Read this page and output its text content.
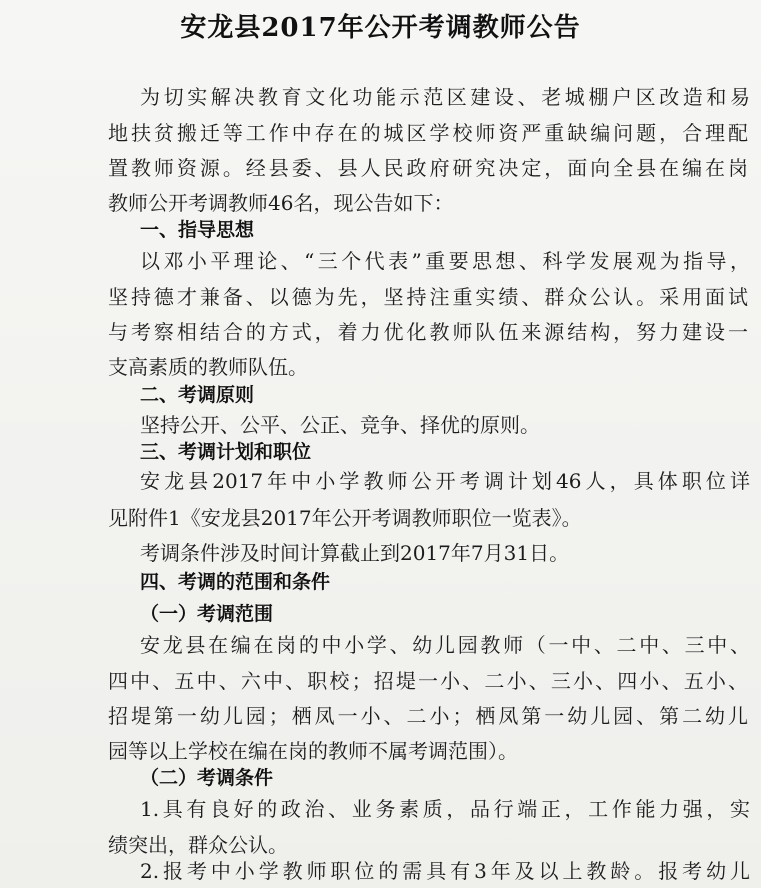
安龙县2017年公开考调教师公告
为切实解决教育文化功能示范区建设、老城棚户区改造和易
地扶贫搬迁等工作中存在的城区学校师资严重缺编问题，合理配
置教师资源。经县委、县人民政府研究决定，面向全县在编在岗
教师公开考调教师46名，现公告如下：
一、指导思想
以邓小平理论、“三个代表”重要思想、科学发展观为指导，
坚持德才兼备、以德为先，坚持注重实绩、群众公认。采用面试
与考察相结合的方式，着力优化教师队伍来源结构，努力建设一
支高素质的教师队伍。
二、考调原则
坚持公开、公平、公正、竞争、择优的原则。
三、考调计划和职位
安龙县2017年中小学教师公开考调计划46人，具体职位详
见附件1《安龙县2017年公开考调教师职位一览表》。
考调条件涉及时间计算截止到2017年7月31日。
四、考调的范围和条件
（一）考调范围
安龙县在编在岗的中小学、幼儿园教师（一中、二中、三中、
四中、五中、六中、职校；招堤一小、二小、三小、四小、五小、
招堤第一幼儿园；栖凤一小、二小；栖凤第一幼儿园、第二幼儿
园等以上学校在编在岗的教师不属考调范围）。
（二）考调条件
1.具有良好的政治、业务素质，品行端正，工作能力强，实
绩突出，群众公认。
2.报考中小学教师职位的需具有3年及以上教龄。报考幼儿
